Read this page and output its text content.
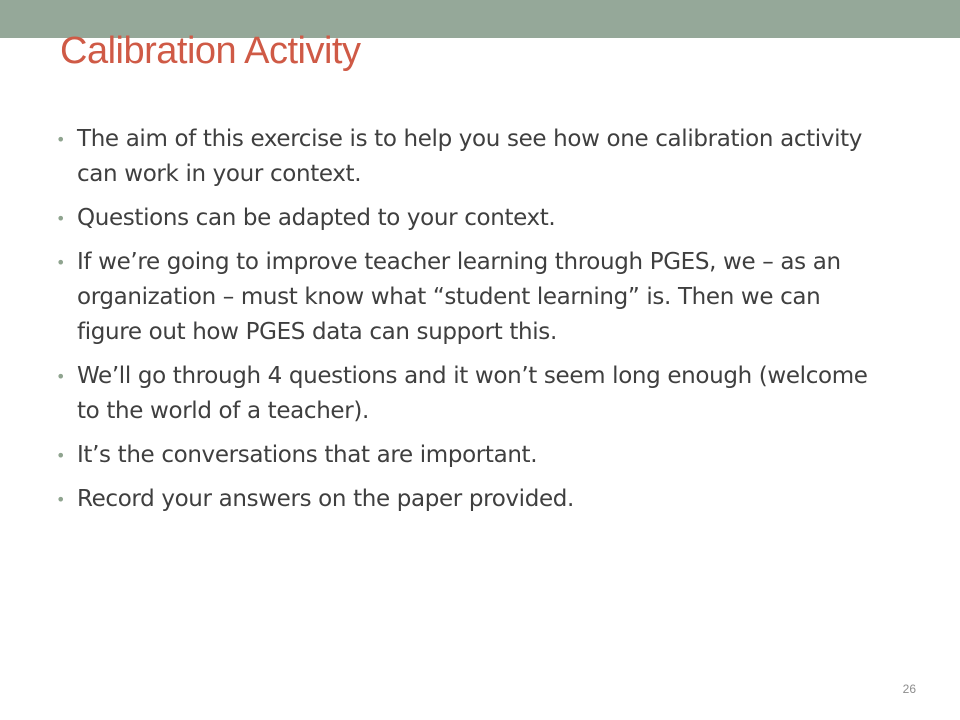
Calibration Activity
• The aim of this exercise is to help you see how one calibration activity can work in your context.
• Questions can be adapted to your context.
• If we’re going to improve teacher learning through PGES, we – as an organization – must know what “student learning” is. Then we can figure out how PGES data can support this.
• We’ll go through 4 questions and it won’t seem long enough (welcome to the world of a teacher).
• It’s the conversations that are important.
• Record your answers on the paper provided.
26
